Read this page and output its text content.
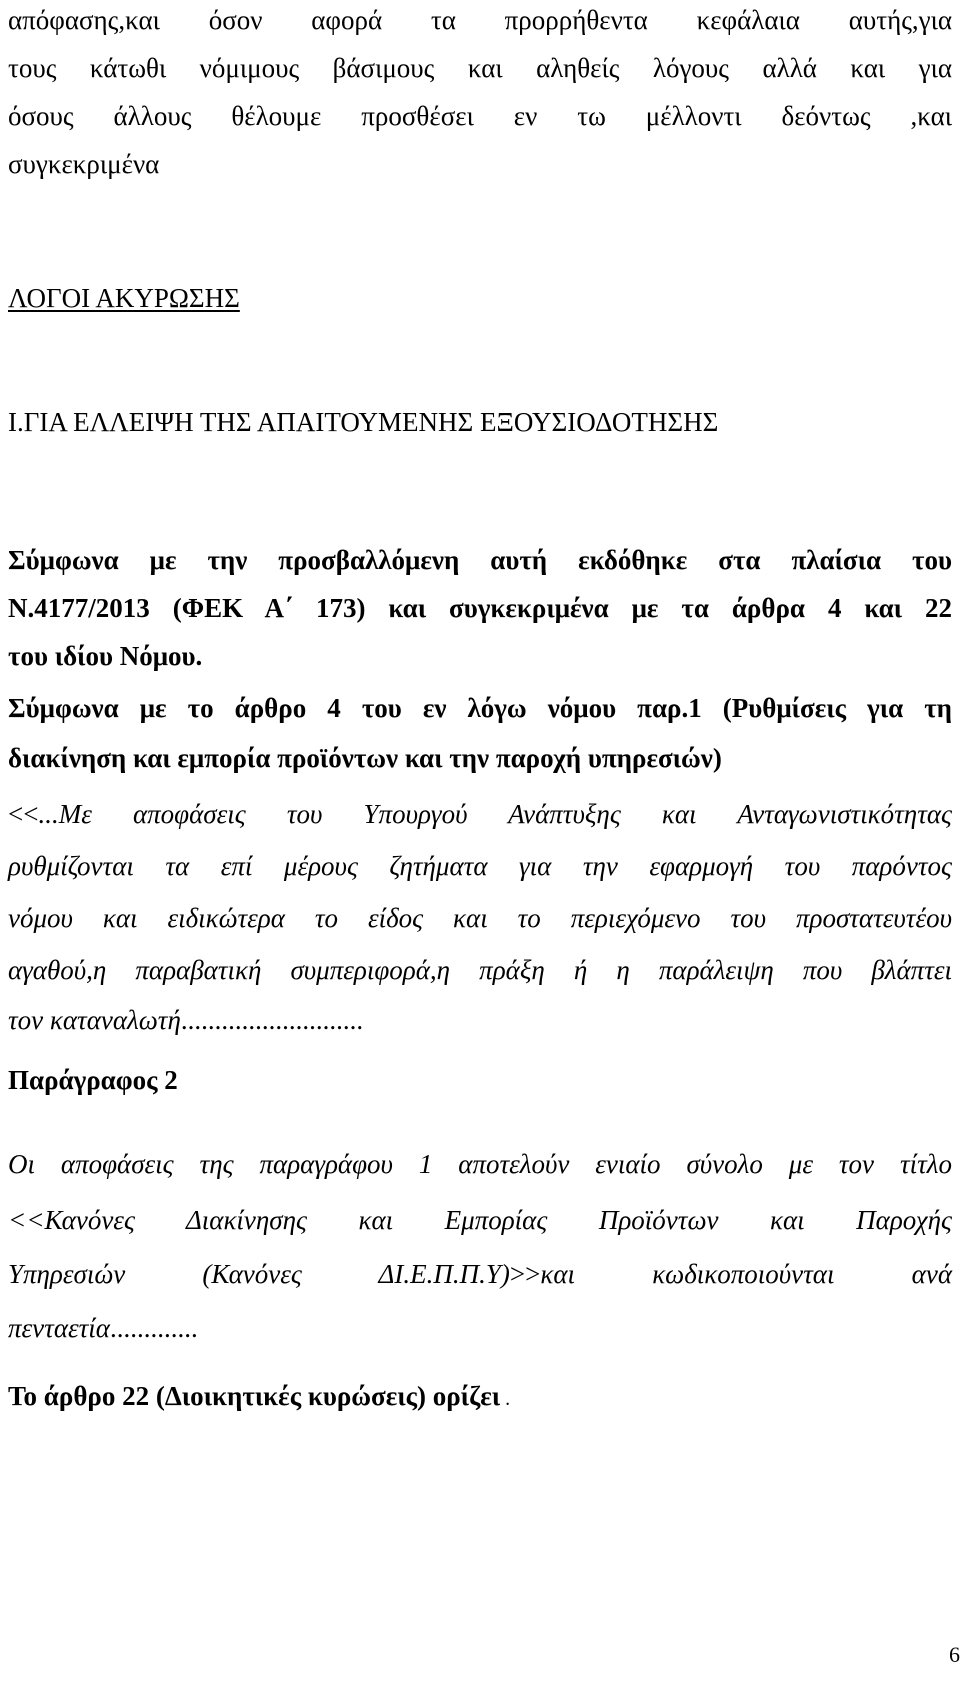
απόφασης,και όσον αφορά τα προρρήθεντα κεφάλαια αυτής,για
τους κάτωθι νόμιμους βάσιμους και αληθείς λόγους αλλά και για
όσους άλλους θέλουμε προσθέσει εν τω μέλλοντι δεόντως ,και
συγκεκριμένα
ΛΟΓΟΙ ΑΚΥΡΩΣΗΣ
Ι.ΓΙΑ ΕΛΛΕΙΨΗ ΤΗΣ ΑΠΑΙΤΟΥΜΕΝΗΣ ΕΞΟΥΣΙΟΔΟΤΗΣΗΣ
Σύμφωνα με την προσβαλλόμενη αυτή εκδόθηκε στα πλαίσια του
Ν.4177/2013 (ΦΕΚ Α΄ 173) και συγκεκριμένα με τα άρθρα 4 και 22
του ιδίου Νόμου.
Σύμφωνα με το άρθρο 4 του εν λόγω νόμου παρ.1 (Ρυθμίσεις για τη
διακίνηση και εμπορία προϊόντων και την παροχή υπηρεσιών)
<<...Με αποφάσεις του Υπουργού Ανάπτυξης και Ανταγωνιστικότητας
ρυθμίζονται τα επί μέρους ζητήματα για την εφαρμογή του παρόντος
νόμου και ειδικώτερα το είδος και το περιεχόμενο του προστατευτέου
αγαθού,η παραβατική συμπεριφορά,η πράξη ή η παράλειψη που βλάπτει
τον καταναλωτή...........................
Παράγραφος 2
Οι αποφάσεις της παραγράφου 1 αποτελούν ενιαίο σύνολο με τον τίτλο
<<Κανόνες Διακίνησης και Εμπορίας Προϊόντων και Παροχής
Υπηρεσιών (Κανόνες ΔΙ.Ε.Π.Π.Υ)>>και κωδικοποιούνται ανά
πενταετία.............
Το άρθρο 22 (Διοικητικές κυρώσεις) ορίζει .
6
